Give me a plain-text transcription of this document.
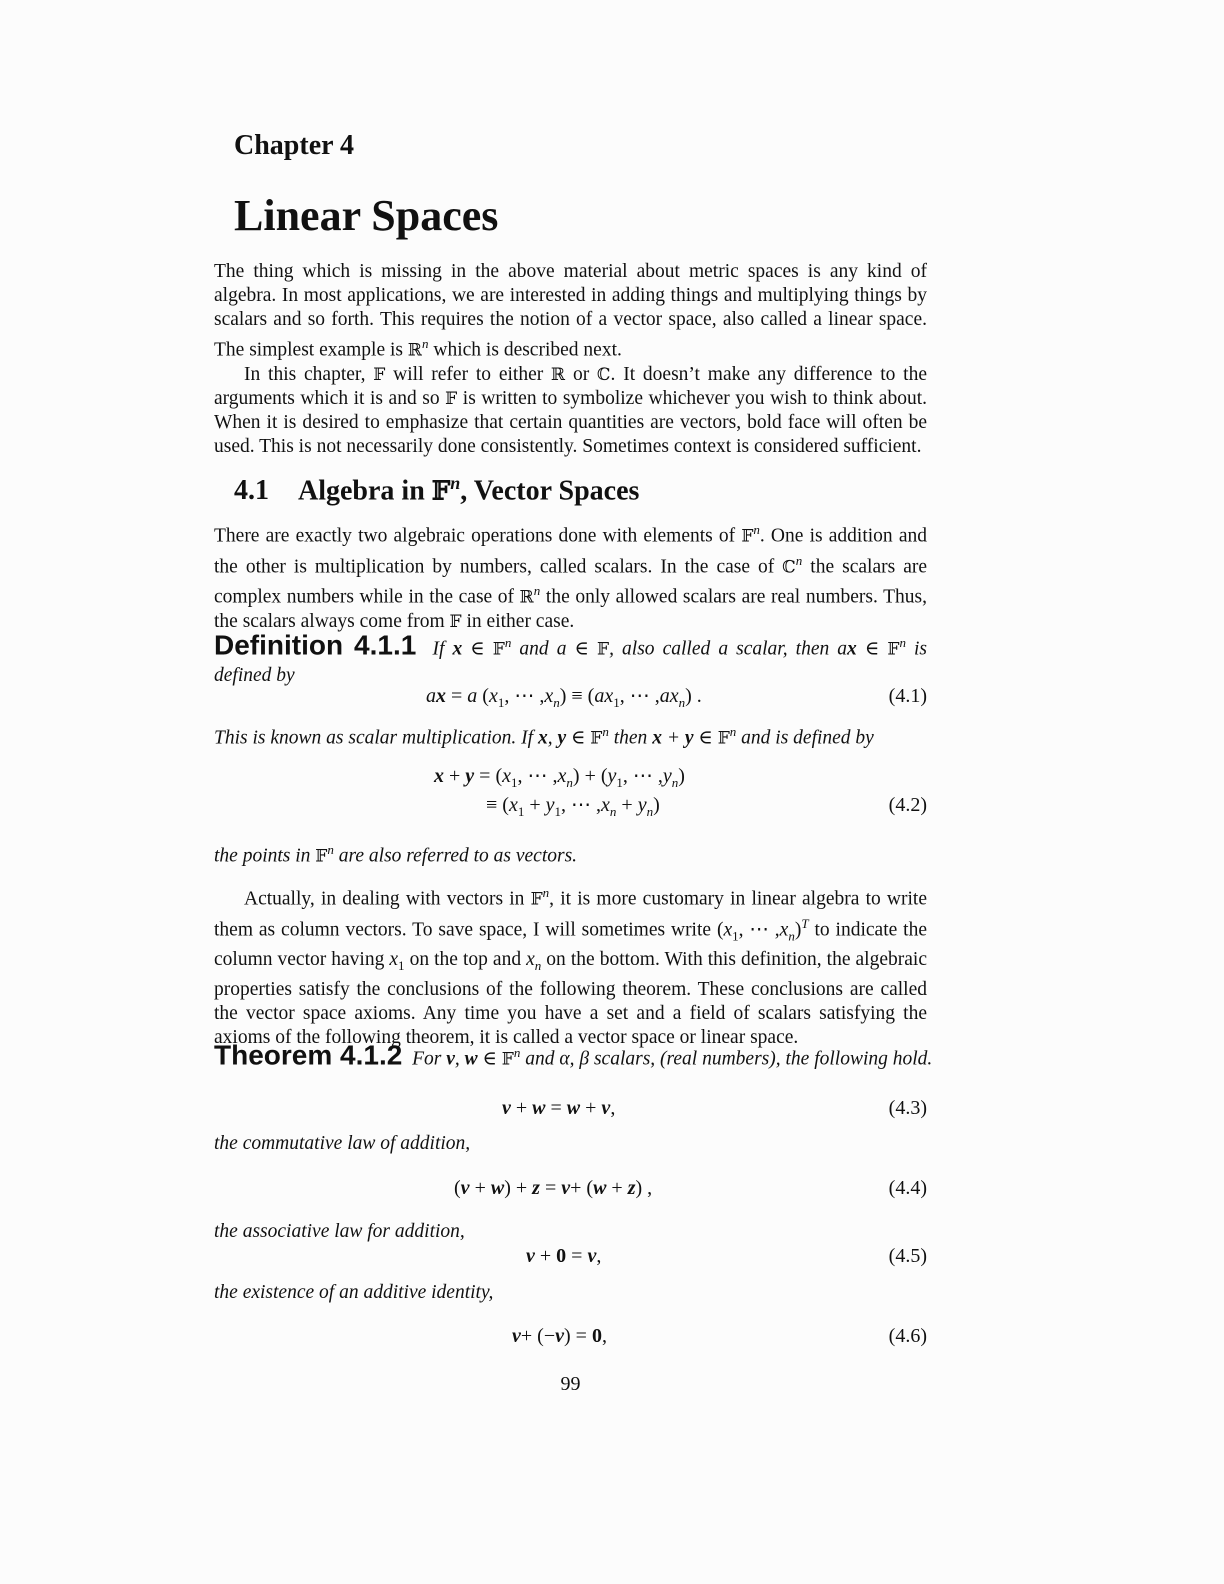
Chapter 4
Linear Spaces

The thing which is missing in the above material about metric spaces is any kind of algebra. In most applications, we are interested in adding things and multiplying things by scalars and so forth. This requires the notion of a vector space, also called a linear space. The simplest example is ℝ$^n$ which is described next.

In this chapter, 𝔽 will refer to either ℝ or ℂ. It doesn’t make any difference to the arguments which it is and so 𝔽 is written to symbolize whichever you wish to think about. When it is desired to emphasize that certain quantities are vectors, bold face will often be used. This is not necessarily done consistently. Sometimes context is considered sufficient.

4.1 Algebra in 𝔽$^n$, Vector Spaces

There are exactly two algebraic operations done with elements of 𝔽$^n$. One is addition and the other is multiplication by numbers, called scalars. In the case of ℂ$^n$ the scalars are complex numbers while in the case of ℝ$^n$ the only allowed scalars are real numbers. Thus, the scalars always come from 𝔽 in either case.

Definition 4.1.1  If x ∈ 𝔽$^n$ and a ∈ 𝔽, also called a scalar, then ax ∈ 𝔽$^n$ is defined by

ax = a ($x_1$, ⋯ $,x_n) \equiv (ax_1$, ⋯ $,ax_n$) .	(4.1)

This is known as scalar multiplication. If x, y ∈ 𝔽$^n$ then x + y ∈ 𝔽$^n$ and is defined by

$x + y = (x_1$, ⋯ $,x_n) + (y_1$, ⋯ $,y_n$)
≡ ($x_1 + y_1$, ⋯ $,x_n + y_n$)	(4.2)

the points in 𝔽$^n$ are also referred to as vectors.

Actually, in dealing with vectors in 𝔽$^n$, it is more customary in linear algebra to write them as column vectors. To save space, I will sometimes write ($x_1$, ⋯ $,x_n)^T$ to indicate the column vector having $x_1$ on the top and $x_n$ on the bottom. With this definition, the algebraic properties satisfy the conclusions of the following theorem. These conclusions are called the vector space axioms. Any time you have a set and a field of scalars satisfying the axioms of the following theorem, it is called a vector space or linear space.

Theorem 4.1.2  For v, w ∈ 𝔽$^n$ and α, β scalars, (real numbers), the following hold.
v + w = w + v,	(4.3)

the commutative law of addition,

(v + w) + z = v+ (w + z) ,	(4.4)

the associative law for addition,

v + 0 = v,	(4.5)

the existence of an additive identity,

v+ (−v) = 0,	(4.6)
99
